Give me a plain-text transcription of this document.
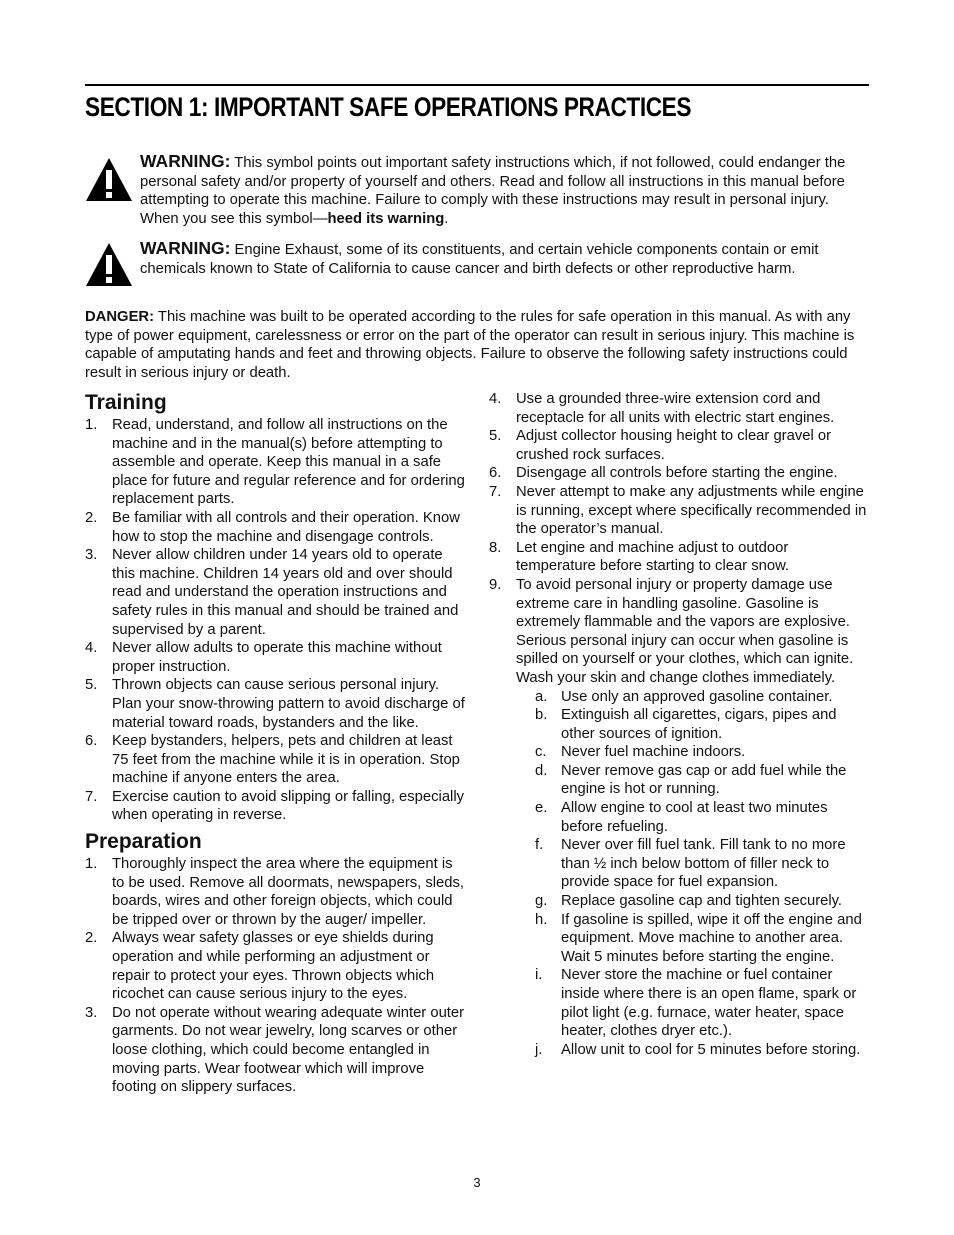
SECTION 1: IMPORTANT SAFE OPERATIONS PRACTICES
WARNING: This symbol points out important safety instructions which, if not followed, could endanger the personal safety and/or property of yourself and others. Read and follow all instructions in this manual before attempting to operate this machine. Failure to comply with these instructions may result in personal injury. When you see this symbol—heed its warning.
WARNING: Engine Exhaust, some of its constituents, and certain vehicle components contain or emit chemicals known to State of California to cause cancer and birth defects or other reproductive harm.
DANGER: This machine was built to be operated according to the rules for safe operation in this manual. As with any type of power equipment, carelessness or error on the part of the operator can result in serious injury. This machine is capable of amputating hands and feet and throwing objects. Failure to observe the following safety instructions could result in serious injury or death.
Training
1. Read, understand, and follow all instructions on the machine and in the manual(s) before attempting to assemble and operate. Keep this manual in a safe place for future and regular reference and for ordering replacement parts.
2. Be familiar with all controls and their operation. Know how to stop the machine and disengage controls.
3. Never allow children under 14 years old to operate this machine. Children 14 years old and over should read and understand the operation instructions and safety rules in this manual and should be trained and supervised by a parent.
4. Never allow adults to operate this machine without proper instruction.
5. Thrown objects can cause serious personal injury. Plan your snow-throwing pattern to avoid discharge of material toward roads, bystanders and the like.
6. Keep bystanders, helpers, pets and children at least 75 feet from the machine while it is in operation. Stop machine if anyone enters the area.
7. Exercise caution to avoid slipping or falling, especially when operating in reverse.
Preparation
1. Thoroughly inspect the area where the equipment is to be used. Remove all doormats, newspapers, sleds, boards, wires and other foreign objects, which could be tripped over or thrown by the auger/ impeller.
2. Always wear safety glasses or eye shields during operation and while performing an adjustment or repair to protect your eyes. Thrown objects which ricochet can cause serious injury to the eyes.
3. Do not operate without wearing adequate winter outer garments. Do not wear jewelry, long scarves or other loose clothing, which could become entangled in moving parts. Wear footwear which will improve footing on slippery surfaces.
4. Use a grounded three-wire extension cord and receptacle for all units with electric start engines.
5. Adjust collector housing height to clear gravel or crushed rock surfaces.
6. Disengage all controls before starting the engine.
7. Never attempt to make any adjustments while engine is running, except where specifically recommended in the operator’s manual.
8. Let engine and machine adjust to outdoor temperature before starting to clear snow.
9. To avoid personal injury or property damage use extreme care in handling gasoline. Gasoline is extremely flammable and the vapors are explosive. Serious personal injury can occur when gasoline is spilled on yourself or your clothes, which can ignite. Wash your skin and change clothes immediately.
a. Use only an approved gasoline container.
b. Extinguish all cigarettes, cigars, pipes and other sources of ignition.
c. Never fuel machine indoors.
d. Never remove gas cap or add fuel while the engine is hot or running.
e. Allow engine to cool at least two minutes before refueling.
f. Never over fill fuel tank. Fill tank to no more than ½ inch below bottom of filler neck to provide space for fuel expansion.
g. Replace gasoline cap and tighten securely.
h. If gasoline is spilled, wipe it off the engine and equipment. Move machine to another area. Wait 5 minutes before starting the engine.
i. Never store the machine or fuel container inside where there is an open flame, spark or pilot light (e.g. furnace, water heater, space heater, clothes dryer etc.).
j. Allow unit to cool for 5 minutes before storing.
3
